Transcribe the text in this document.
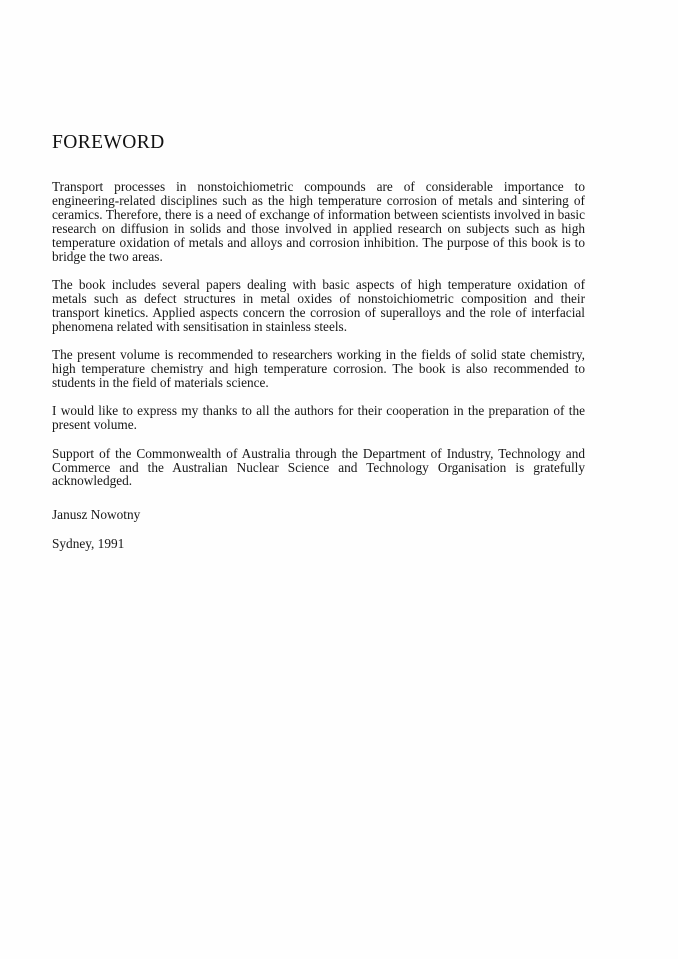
FOREWORD

Transport processes in nonstoichiometric compounds are of considerable importance to engineering-related disciplines such as the high temperature corrosion of metals and sintering of ceramics. Therefore, there is a need of exchange of information between scientists involved in basic research on diffusion in solids and those involved in applied research on subjects such as high temperature oxidation of metals and alloys and corrosion inhibition. The purpose of this book is to bridge the two areas.

The book includes several papers dealing with basic aspects of high temperature oxidation of metals such as defect structures in metal oxides of nonstoichiometric composition and their transport kinetics. Applied aspects concern the corrosion of superalloys and the role of interfacial phenomena related with sensitisation in stainless steels.

The present volume is recommended to researchers working in the fields of solid state chemistry, high temperature chemistry and high temperature corrosion. The book is also recommended to students in the field of materials science.

I would like to express my thanks to all the authors for their cooperation in the preparation of the present volume.

Support of the Commonwealth of Australia through the Department of Industry, Technology and Commerce and the Australian Nuclear Science and Technology Organisation is gratefully acknowledged.

Janusz Nowotny

Sydney, 1991
